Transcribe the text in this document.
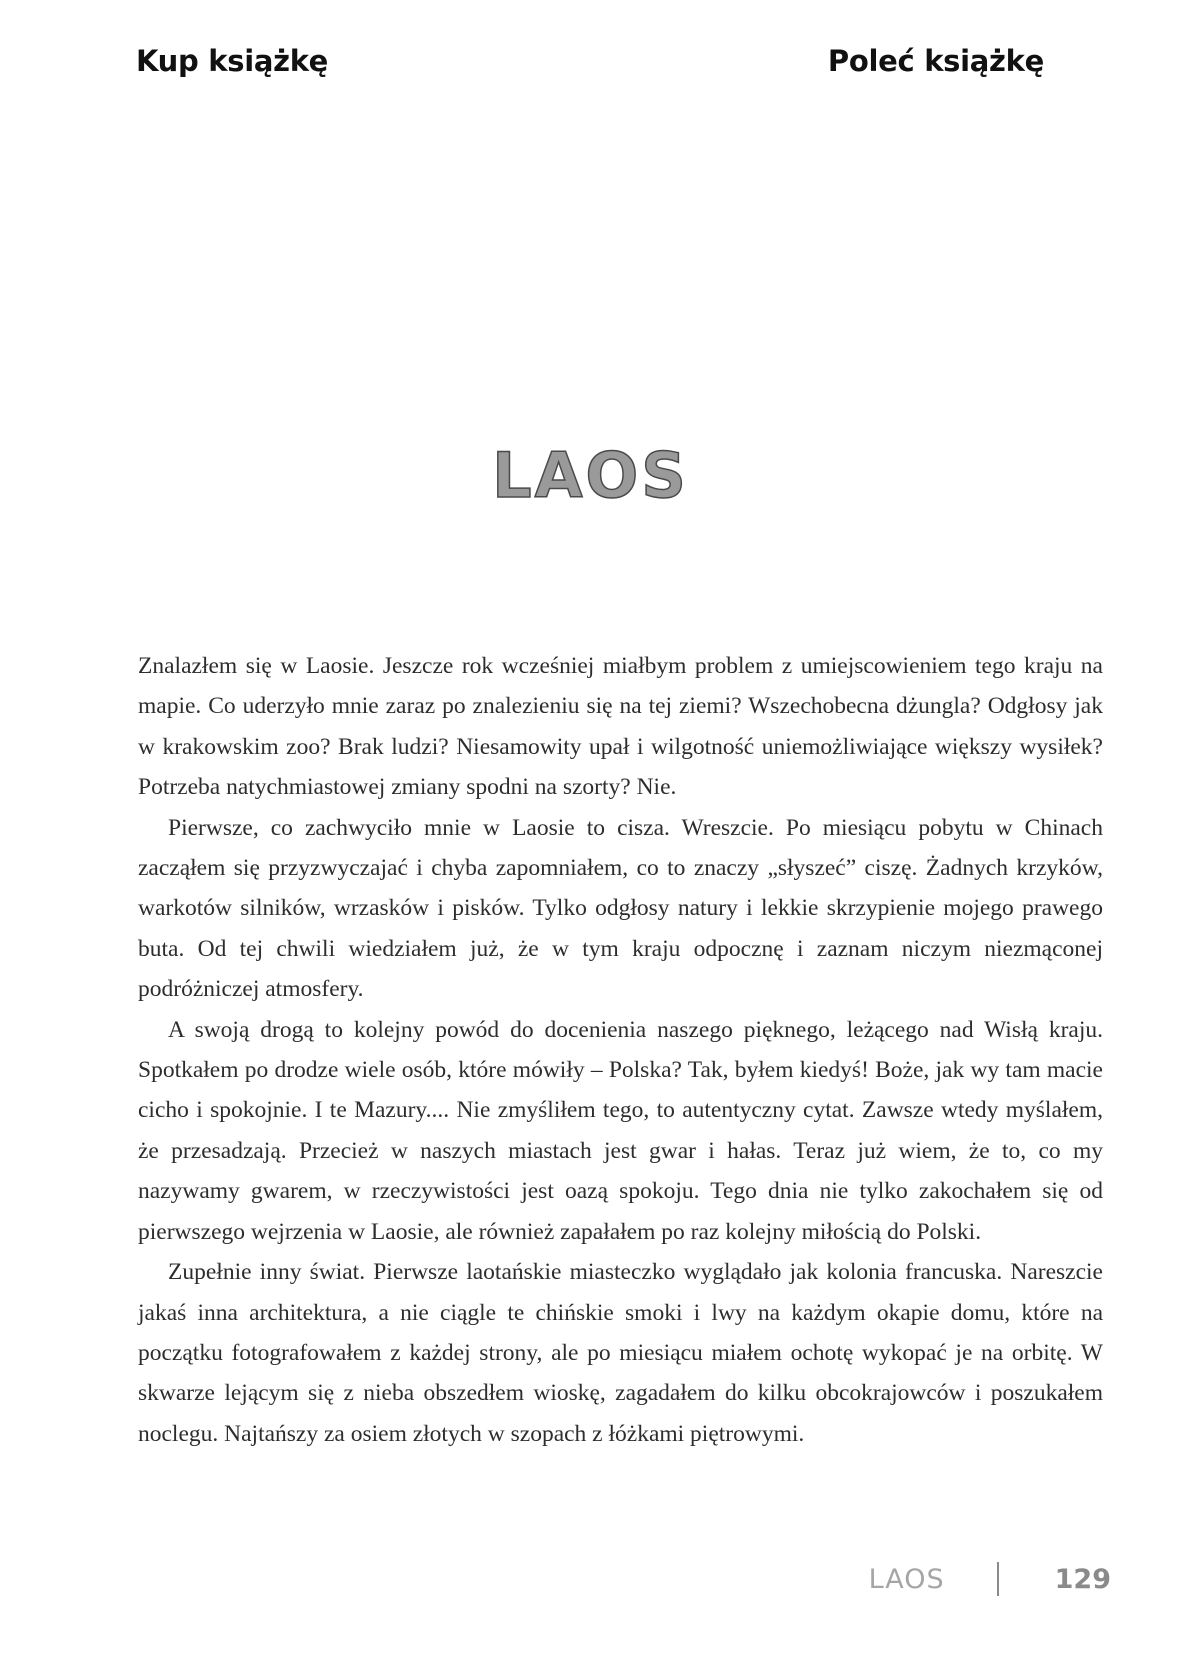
Kup książkę	Poleć książkę
LAOS

Znalazłem się w Laosie. Jeszcze rok wcześniej miałbym problem z umiejscowieniem tego kraju na mapie. Co uderzyło mnie zaraz po znalezieniu się na tej ziemi? Wszechobecna dżungla? Odgłosy jak w krakowskim zoo? Brak ludzi? Niesamowity upał i wilgotność uniemożliwiające większy wysiłek? Potrzeba natychmiastowej zmiany spodni na szorty? Nie.

Pierwsze, co zachwyciło mnie w Laosie to cisza. Wreszcie. Po miesiącu pobytu w Chinach zacząłem się przyzwyczajać i chyba zapomniałem, co to znaczy „słyszeć” ciszę. Żadnych krzyków, warkotów silników, wrzasków i pisków. Tylko odgłosy natury i lekkie skrzypienie mojego prawego buta. Od tej chwili wiedziałem już, że w tym kraju odpocznę i zaznam niczym niezmąconej podróżniczej atmosfery.

A swoją drogą to kolejny powód do docenienia naszego pięknego, leżącego nad Wisłą kraju. Spotkałem po drodze wiele osób, które mówiły – Polska? Tak, byłem kiedyś! Boże, jak wy tam macie cicho i spokojnie. I te Mazury.... Nie zmyśliłem tego, to autentyczny cytat. Zawsze wtedy myślałem, że przesadzają. Przecież w naszych miastach jest gwar i hałas. Teraz już wiem, że to, co my nazywamy gwarem, w rzeczywistości jest oazą spokoju. Tego dnia nie tylko zakochałem się od pierwszego wejrzenia w Laosie, ale również zapałałem po raz kolejny miłością do Polski.

Zupełnie inny świat. Pierwsze laotańskie miasteczko wyglądało jak kolonia francuska. Nareszcie jakaś inna architektura, a nie ciągle te chińskie smoki i lwy na każdym okapie domu, które na początku fotografowałem z każdej strony, ale po miesiącu miałem ochotę wykopać je na orbitę. W skwarze lejącym się z nieba obszedłem wioskę, zagadałem do kilku obcokrajowców i poszukałem noclegu. Najtańszy za osiem złotych w szopach z łóżkami piętrowymi.

LAOS	129
